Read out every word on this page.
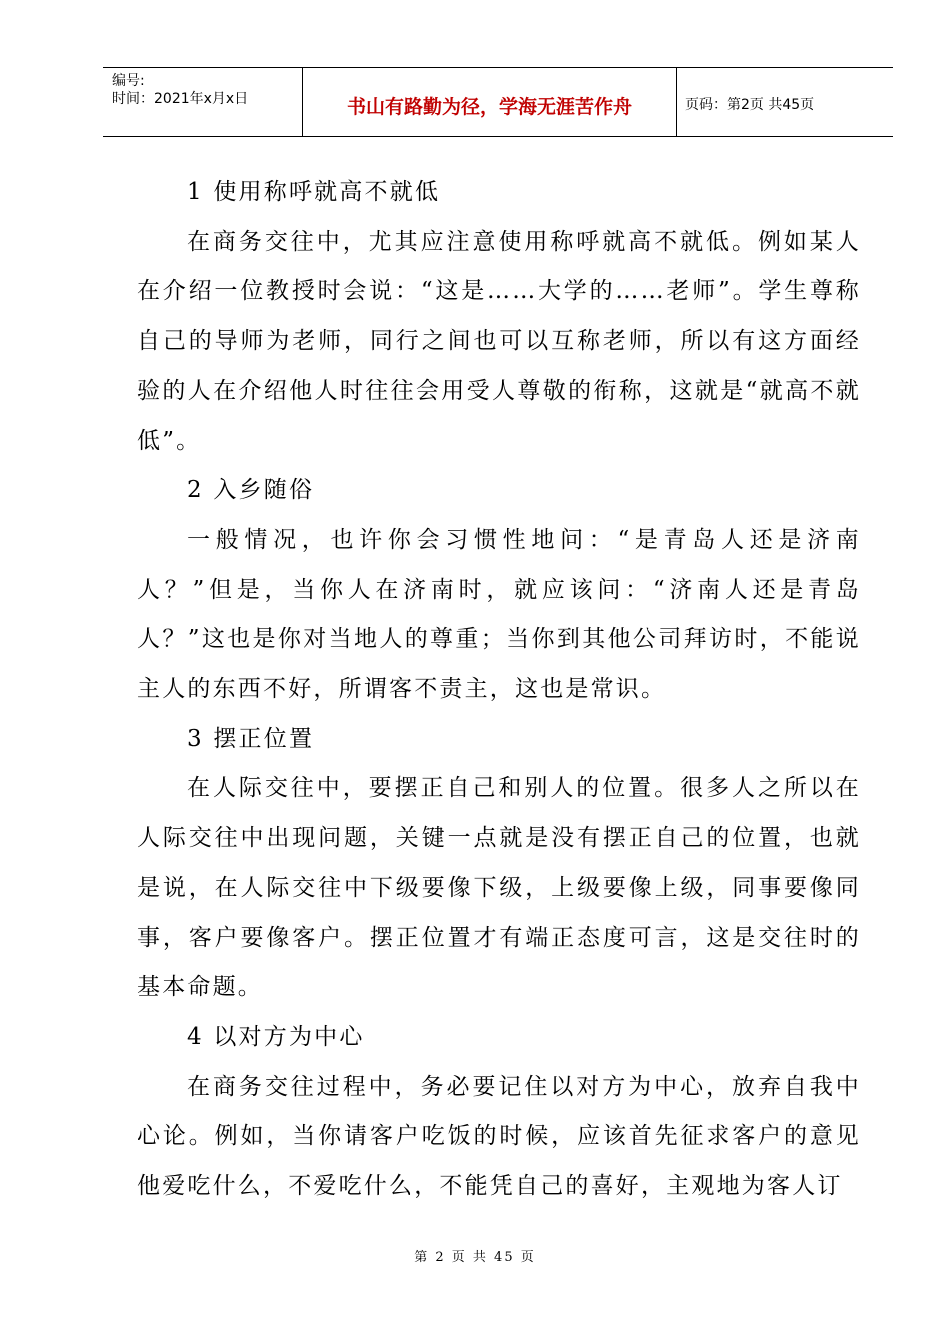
编号:
时间：2021年x月x日	书山有路勤为径，学海无涯苦作舟	页码：第2页 共45页

1 使用称呼就高不就低

在商务交往中，尤其应注意使用称呼就高不就低。例如某人在介绍一位教授时会说：“这是……大学的……老师”。学生尊称自己的导师为老师，同行之间也可以互称老师，所以有这方面经验的人在介绍他人时往往会用受人尊敬的衔称，这就是“就高不就低”。

2 入乡随俗

一般情况，也许你会习惯性地问：“是青岛人还是济南人？”但是，当你人在济南时，就应该问：“济南人还是青岛人？”这也是你对当地人的尊重；当你到其他公司拜访时，不能说主人的东西不好，所谓客不责主，这也是常识。

3 摆正位置

在人际交往中，要摆正自己和别人的位置。很多人之所以在人际交往中出现问题，关键一点就是没有摆正自己的位置，也就是说，在人际交往中下级要像下级，上级要像上级，同事要像同事，客户要像客户。摆正位置才有端正态度可言，这是交往时的基本命题。

4 以对方为中心

在商务交往过程中，务必要记住以对方为中心，放弃自我中心论。例如，当你请客户吃饭的时候，应该首先征求客户的意见他爱吃什么，不爱吃什么，不能凭自己的喜好，主观地为客人订

第 2 页 共 45 页
